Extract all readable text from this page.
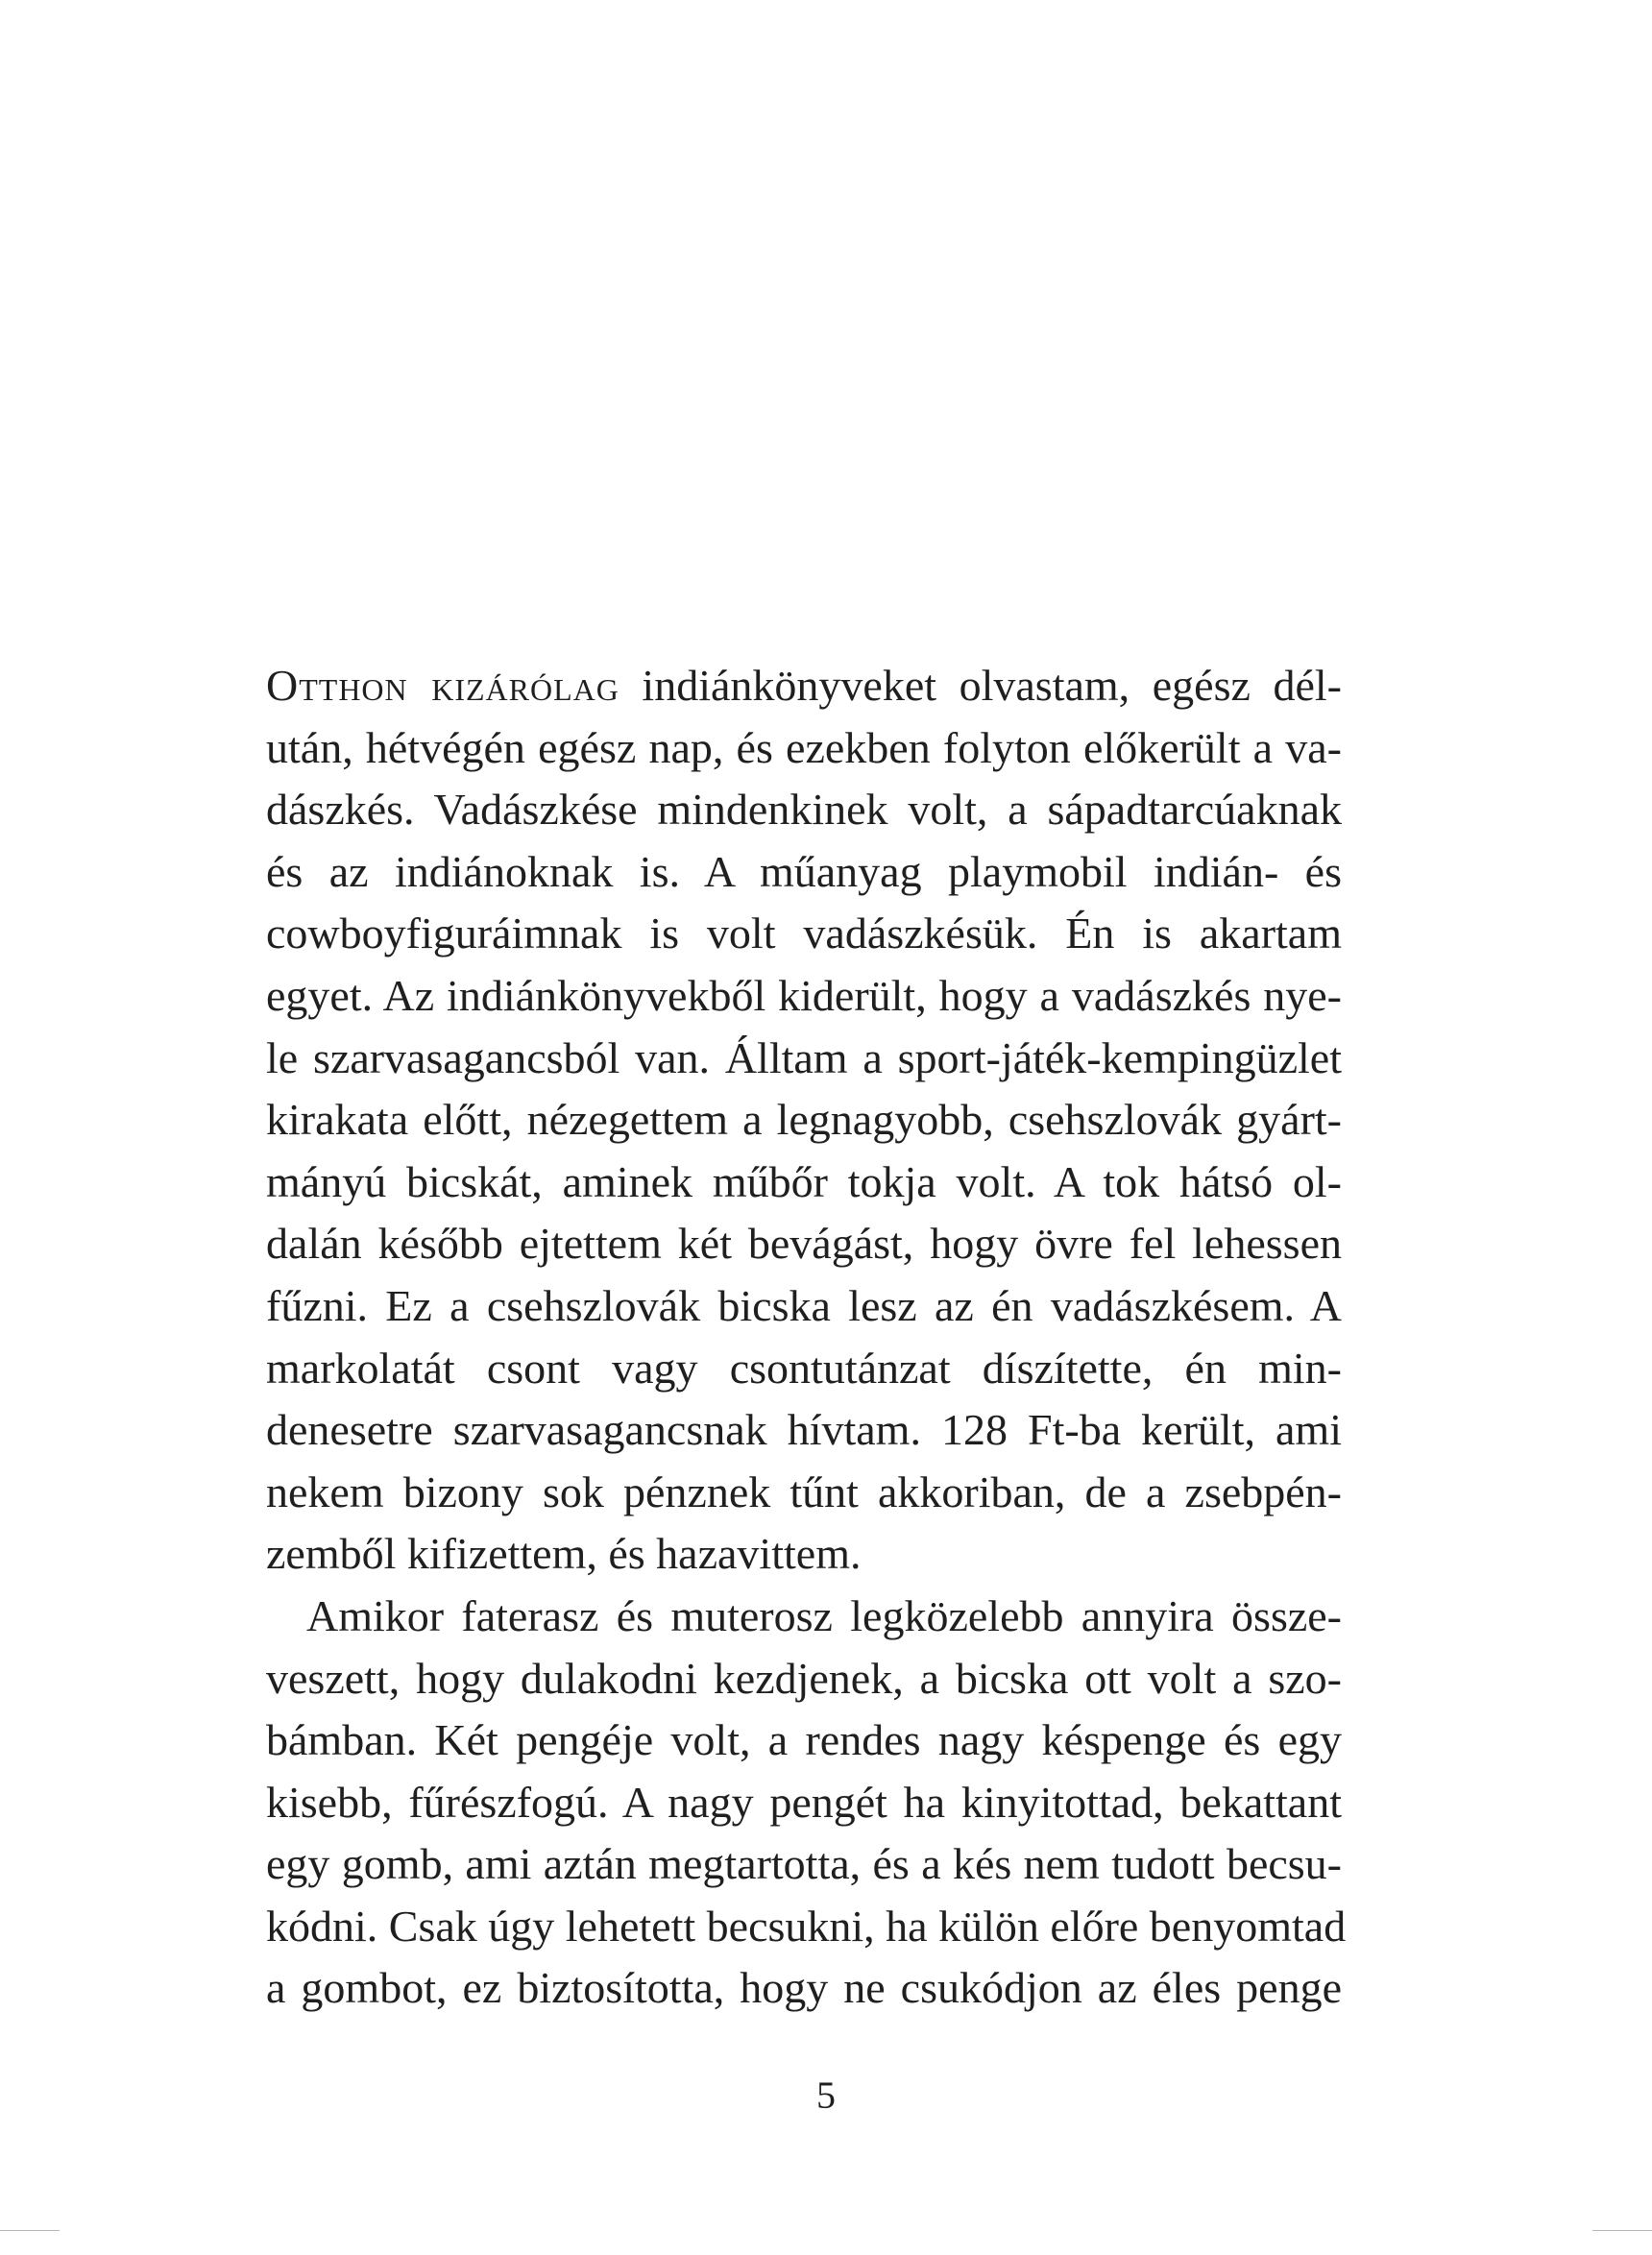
Otthon kizárólag indiánkönyveket olvastam, egész dél-
után, hétvégén egész nap, és ezekben folyton előkerült a va-
dászkés. Vadászkése mindenkinek volt, a sápadtarcúaknak
és az indiánoknak is. A műanyag playmobil indián- és
cowboyfiguráimnak is volt vadászkésük. Én is akartam
egyet. Az indiánkönyvekből kiderült, hogy a vadászkés nye-
le szarvasagancsból van. Álltam a sport-játék-kempingüzlet
kirakata előtt, nézegettem a legnagyobb, csehszlovák gyárt-
mányú bicskát, aminek műbőr tokja volt. A tok hátsó ol-
dalán később ejtettem két bevágást, hogy övre fel lehessen
fűzni. Ez a csehszlovák bicska lesz az én vadászkésem. A
markolatát csont vagy csontutánzat díszítette, én min-
denesetre szarvasagancsnak hívtam. 128 Ft-ba került, ami
nekem bizony sok pénznek tűnt akkoriban, de a zsebpén-
zemből kifizettem, és hazavittem.
Amikor faterasz és muterosz legközelebb annyira össze-
veszett, hogy dulakodni kezdjenek, a bicska ott volt a szo-
bámban. Két pengéje volt, a rendes nagy késpenge és egy
kisebb, fűrészfogú. A nagy pengét ha kinyitottad, bekattant
egy gomb, ami aztán megtartotta, és a kés nem tudott becsu-
kódni. Csak úgy lehetett becsukni, ha külön előre benyomtad
a gombot, ez biztosította, hogy ne csukódjon az éles penge
5
